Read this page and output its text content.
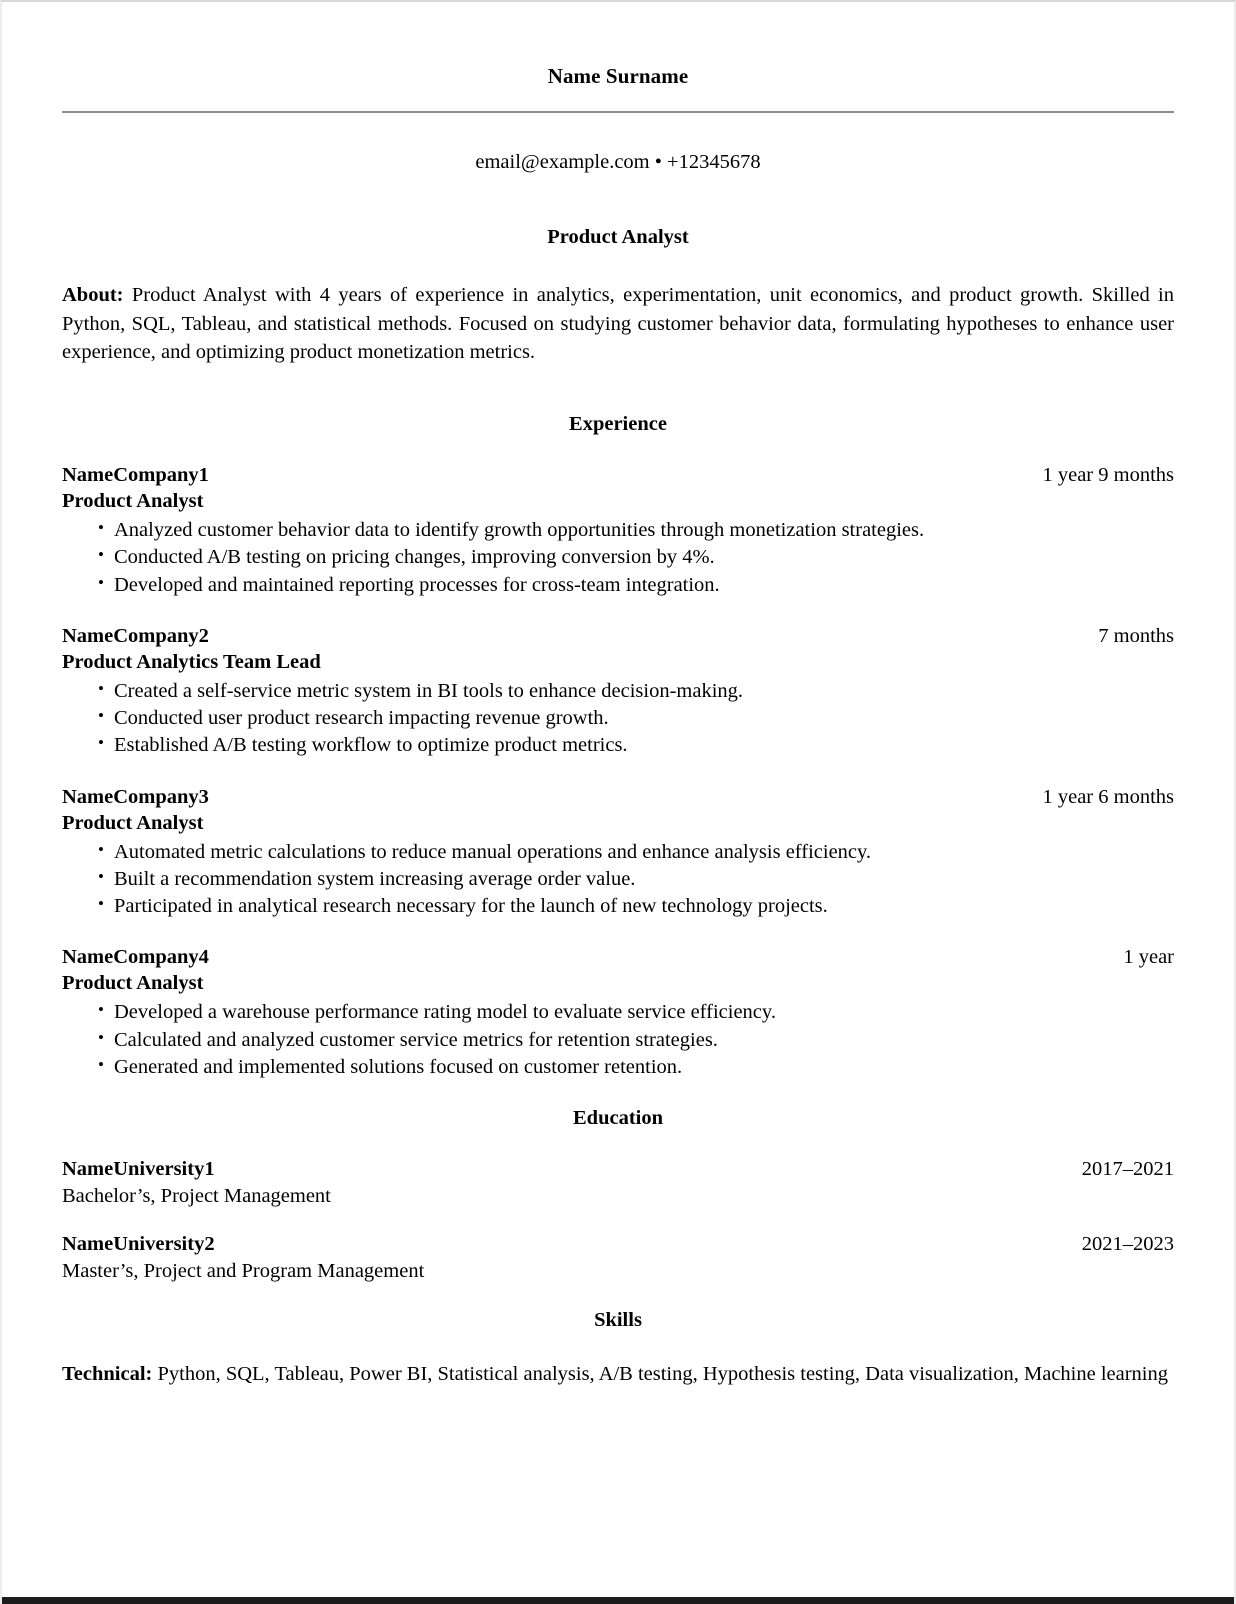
Name Surname
email@example.com • +12345678
Product Analyst

About: Product Analyst with 4 years of experience in analytics, experimentation, unit economics, and product growth. Skilled in Python, SQL, Tableau, and statistical methods. Focused on studying customer behavior data, formulating hypotheses to enhance user experience, and optimizing product monetization metrics.

Experience
NameCompany1	1 year 9 months
Product Analyst
• Analyzed customer behavior data to identify growth opportunities through monetization strategies.
• Conducted A/B testing on pricing changes, improving conversion by 4%.
• Developed and maintained reporting processes for cross-team integration.
NameCompany2	7 months
Product Analytics Team Lead
• Created a self-service metric system in BI tools to enhance decision-making.
• Conducted user product research impacting revenue growth.
• Established A/B testing workflow to optimize product metrics.
NameCompany3	1 year 6 months
Product Analyst
• Automated metric calculations to reduce manual operations and enhance analysis efficiency.
• Built a recommendation system increasing average order value.
• Participated in analytical research necessary for the launch of new technology projects.
NameCompany4	1 year
Product Analyst
• Developed a warehouse performance rating model to evaluate service efficiency.
• Calculated and analyzed customer service metrics for retention strategies.
• Generated and implemented solutions focused on customer retention.
Education
NameUniversity1	2017–2021
Bachelor’s, Project Management
NameUniversity2	2021–2023
Master’s, Project and Program Management
Skills

Technical: Python, SQL, Tableau, Power BI, Statistical analysis, A/B testing, Hypothesis testing, Data visualization, Machine learning
